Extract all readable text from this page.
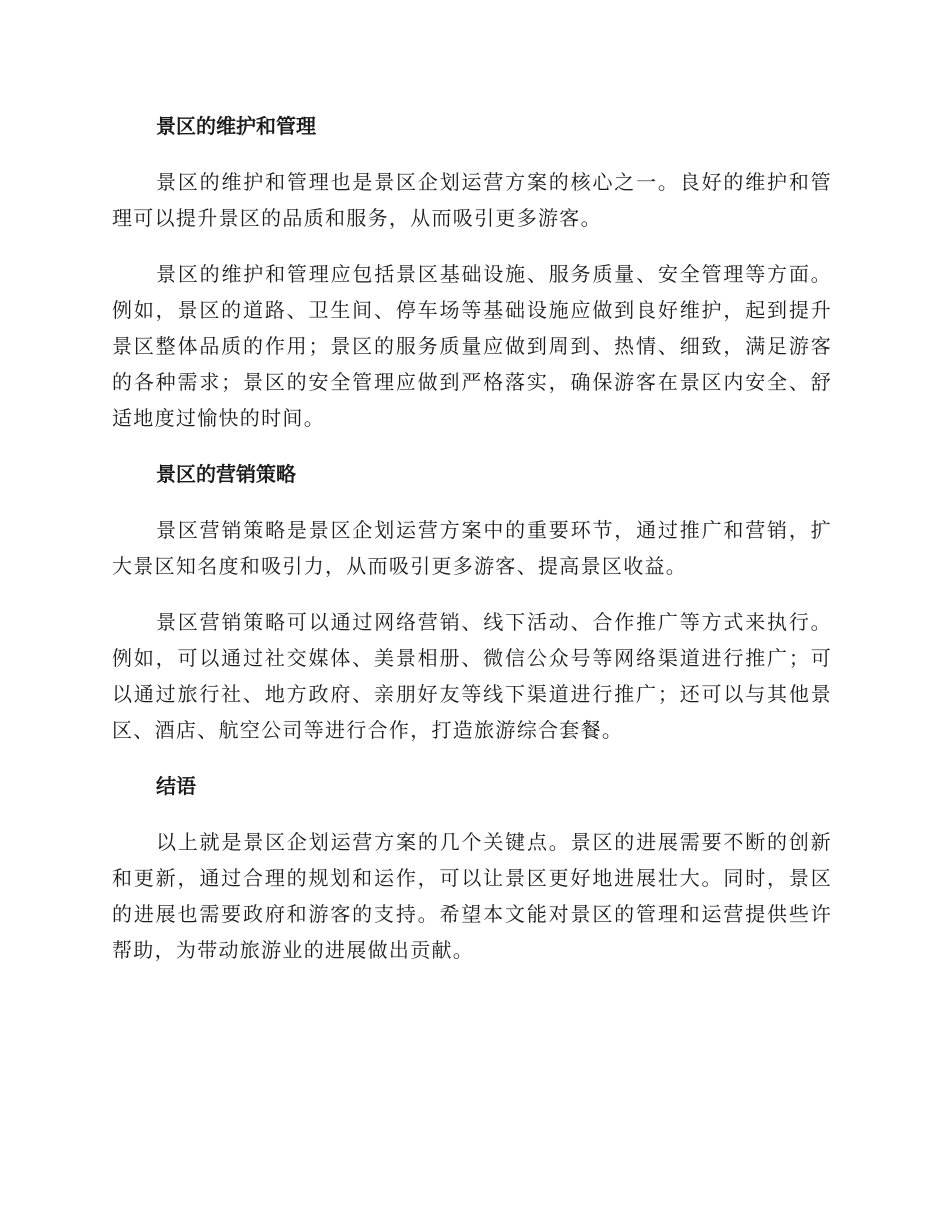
景区的维护和管理

景区的维护和管理也是景区企划运营方案的核心之一。良好的维护和管理可以提升景区的品质和服务，从而吸引更多游客。

景区的维护和管理应包括景区基础设施、服务质量、安全管理等方面。例如，景区的道路、卫生间、停车场等基础设施应做到良好维护，起到提升景区整体品质的作用；景区的服务质量应做到周到、热情、细致，满足游客的各种需求；景区的安全管理应做到严格落实，确保游客在景区内安全、舒适地度过愉快的时间。

景区的营销策略

景区营销策略是景区企划运营方案中的重要环节，通过推广和营销，扩大景区知名度和吸引力，从而吸引更多游客、提高景区收益。

景区营销策略可以通过网络营销、线下活动、合作推广等方式来执行。例如，可以通过社交媒体、美景相册、微信公众号等网络渠道进行推广；可以通过旅行社、地方政府、亲朋好友等线下渠道进行推广；还可以与其他景区、酒店、航空公司等进行合作，打造旅游综合套餐。

结语

以上就是景区企划运营方案的几个关键点。景区的进展需要不断的创新和更新，通过合理的规划和运作，可以让景区更好地进展壮大。同时，景区的进展也需要政府和游客的支持。希望本文能对景区的管理和运营提供些许帮助，为带动旅游业的进展做出贡献。
